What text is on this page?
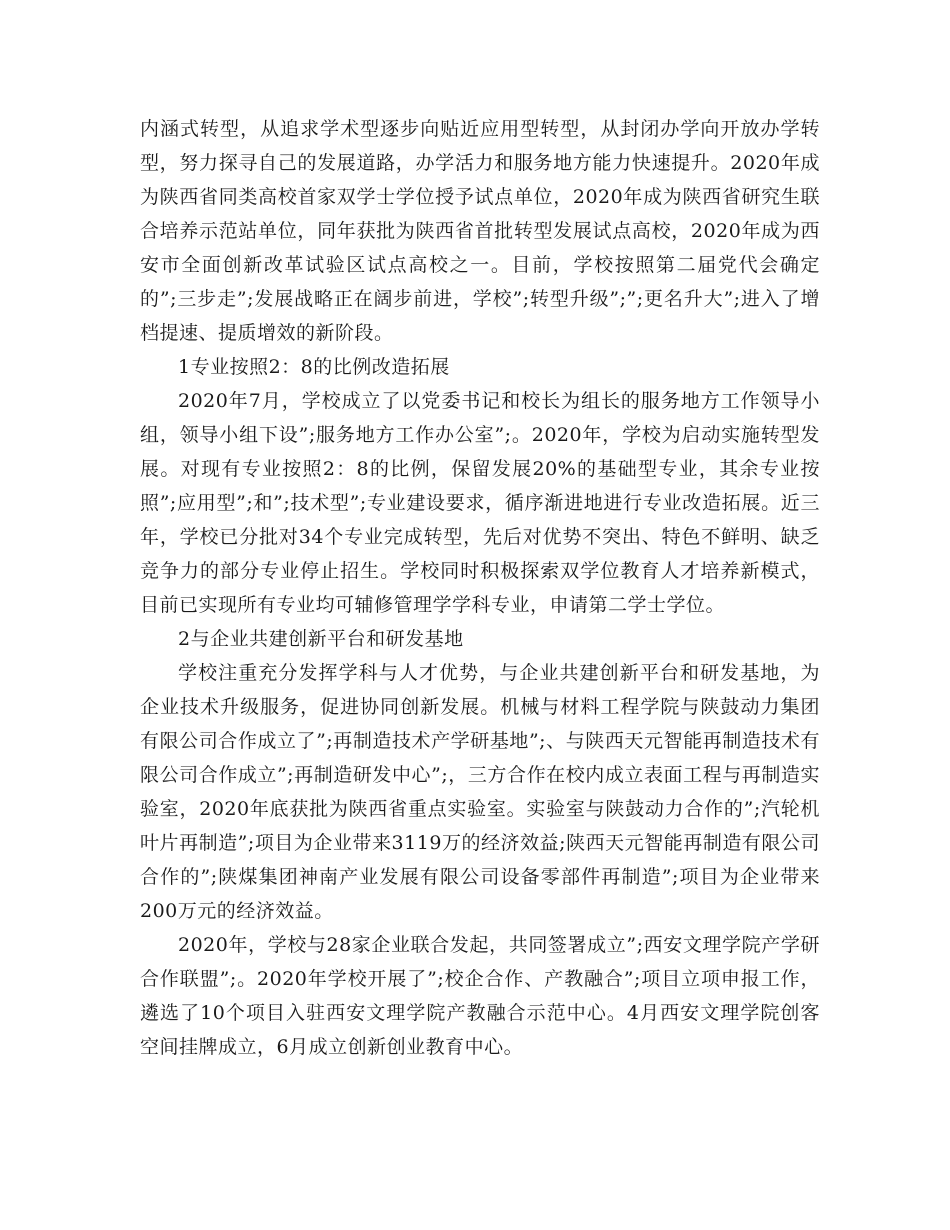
内涵式转型，从追求学术型逐步向贴近应用型转型，从封闭办学向开放办学转型，努力探寻自己的发展道路，办学活力和服务地方能力快速提升。2020年成为陕西省同类高校首家双学士学位授予试点单位，2020年成为陕西省研究生联合培养示范站单位，同年获批为陕西省首批转型发展试点高校，2020年成为西安市全面创新改革试验区试点高校之一。目前，学校按照第二届党代会确定的”;三步走”;发展战略正在阔步前进，学校”;转型升级”;”;更名升大”;进入了增档提速、提质增效的新阶段。

1专业按照2：8的比例改造拓展

2020年7月，学校成立了以党委书记和校长为组长的服务地方工作领导小组，领导小组下设”;服务地方工作办公室”;。2020年，学校为启动实施转型发展。对现有专业按照2：8的比例，保留发展20%的基础型专业，其余专业按照”;应用型”;和”;技术型”;专业建设要求，循序渐进地进行专业改造拓展。近三年，学校已分批对34个专业完成转型，先后对优势不突出、特色不鲜明、缺乏竞争力的部分专业停止招生。学校同时积极探索双学位教育人才培养新模式，目前已实现所有专业均可辅修管理学学科专业，申请第二学士学位。

2与企业共建创新平台和研发基地

学校注重充分发挥学科与人才优势，与企业共建创新平台和研发基地，为企业技术升级服务，促进协同创新发展。机械与材料工程学院与陕鼓动力集团有限公司合作成立了”;再制造技术产学研基地”;、与陕西天元智能再制造技术有限公司合作成立”;再制造研发中心”;，三方合作在校内成立表面工程与再制造实验室，2020年底获批为陕西省重点实验室。实验室与陕鼓动力合作的”;汽轮机叶片再制造”;项目为企业带来3119万的经济效益;陕西天元智能再制造有限公司合作的”;陕煤集团神南产业发展有限公司设备零部件再制造”;项目为企业带来200万元的经济效益。

2020年，学校与28家企业联合发起，共同签署成立”;西安文理学院产学研合作联盟”;。2020年学校开展了”;校企合作、产教融合”;项目立项申报工作，遴选了10个项目入驻西安文理学院产教融合示范中心。4月西安文理学院创客空间挂牌成立，6月成立创新创业教育中心。
